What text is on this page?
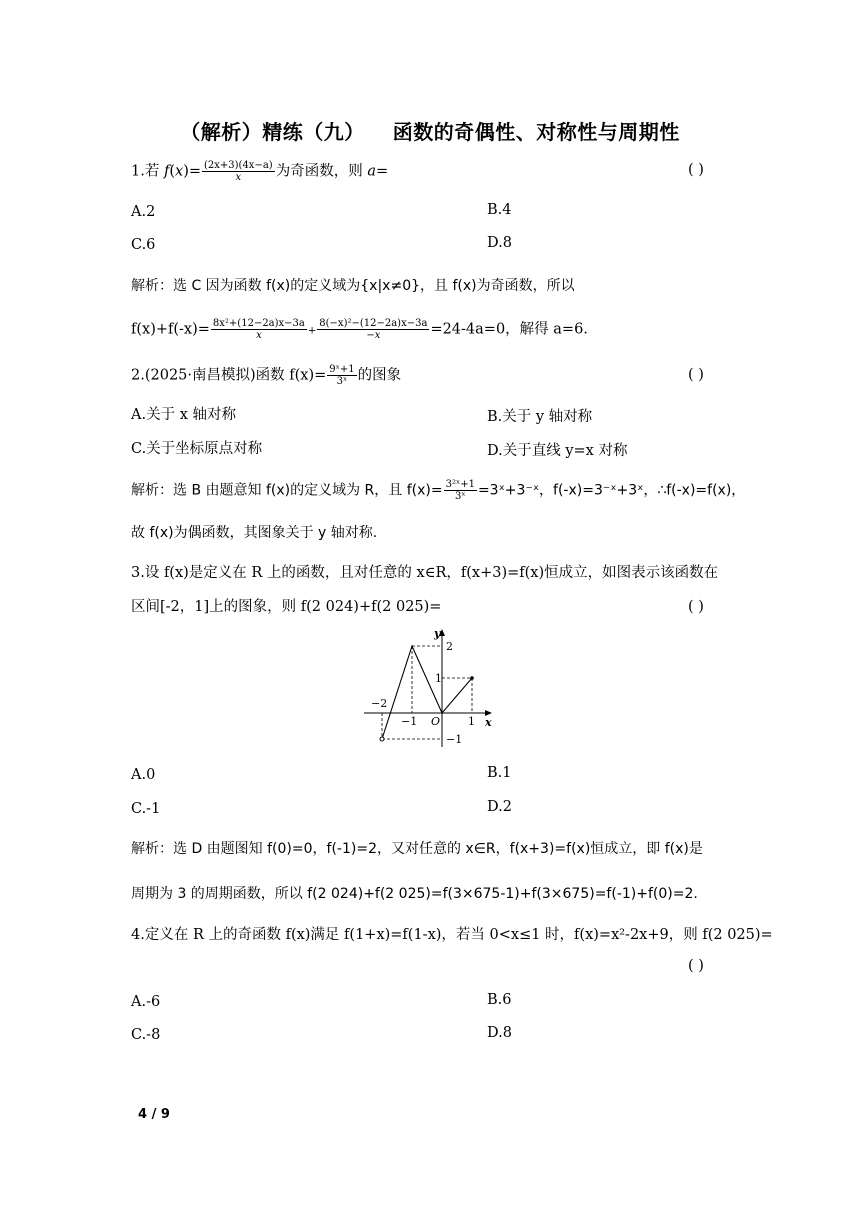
（解析）精练（九） 函数的奇偶性、对称性与周期性
1.若 $f(x)= \frac{(2x+3)(4x-a)}{x}$ 为奇函数，则 a=	( )
A.2	B.4
C.6	D.8
解析：选 C 因为函数 f(x)的定义域为{x|x≠0}，且 f(x)为奇函数，所以
$f(x)+f(-x)= \frac{\text{8x²+(12−2a)x−3a}}{x} + \frac{\text{8(−x)²−(12−2a)x−3a}}{-x} =24-4a=0$，解得 a=6.
2.(2025·南昌模拟)函数 $f(x)= \frac{\text{9ˣ+1}}{\text{3ˣ}}$ 的图象	( )
A.关于 x 轴对称	B.关于 y 轴对称
C.关于坐标原点对称	D.关于直线 y=x 对称
解析：选 B 由题意知 f(x)的定义域为 R，且 $f(x)= \frac{\text{3²ˣ+1}}{\text{3ˣ}}$ =3ˣ+3⁻ˣ，f(-x)=3⁻ˣ+3ˣ，∴f(-x)=f(x)，
故 f(x)为偶函数，其图象关于 y 轴对称.
3.设 f(x)是定义在 R 上的函数，且对任意的 x∈R，f(x+3)=f(x)恒成立，如图表示该函数在
区间[-2，1]上的图象，则 f(2 024)+f(2 025)=	( )
y
x
O
−2
−1	1
2
1
−1
A.0	B.1
C.-1	D.2
解析：选 D 由题图知 f(0)=0，f(-1)=2，又对任意的 x∈R，f(x+3)=f(x)恒成立，即 f(x)是
周期为 3 的周期函数，所以 f(2 024)+f(2 025)=f(3×675-1)+f(3×675)=f(-1)+f(0)=2.
4.定义在 R 上的奇函数 f(x)满足 f(1+x)=f(1-x)，若当 0<x≤1 时，f(x)=x²-2x+9，则 f(2 025)=
( )
A.-6	B.6
C.-8	D.8
4 / 9
